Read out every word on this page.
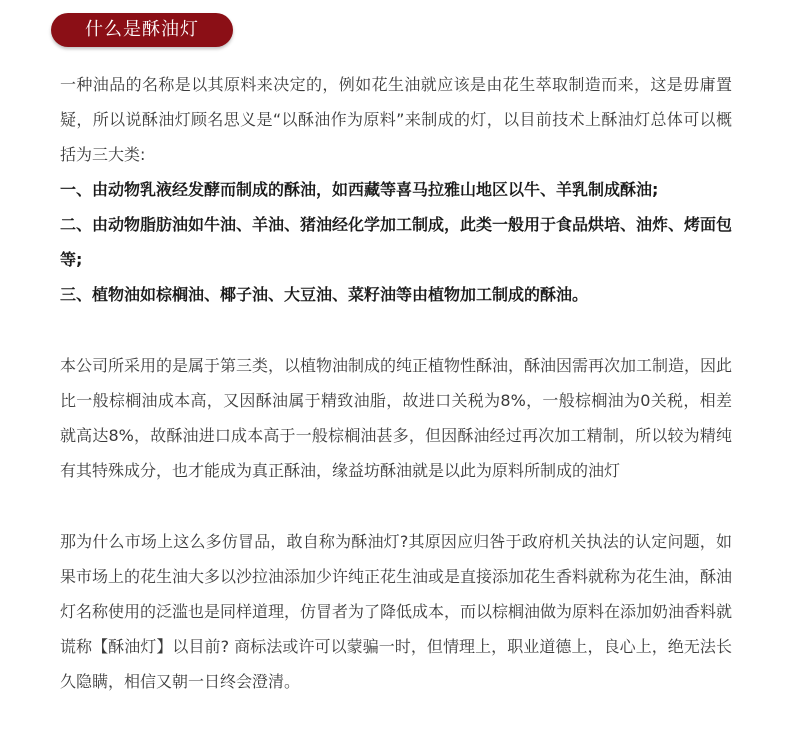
什么是酥油灯

一种油品的名称是以其原料来决定的，例如花生油就应该是由花生萃取制造而来，这是毋庸置疑，所以说酥油灯顾名思义是“以酥油作为原料”来制成的灯，以目前技术上酥油灯总体可以概括为三大类:

一、由动物乳液经发酵而制成的酥油，如西藏等喜马拉雅山地区以牛、羊乳制成酥油;

二、由动物脂肪油如牛油、羊油、猪油经化学加工制成，此类一般用于食品烘培、油炸、烤面包等;

三、植物油如棕榈油、椰子油、大豆油、菜籽油等由植物加工制成的酥油。

本公司所采用的是属于第三类，以植物油制成的纯正植物性酥油，酥油因需再次加工制造，因此比一般棕榈油成本高，又因酥油属于精致油脂，故进口关税为8%，一般棕榈油为0关税，相差就高达8%，故酥油进口成本高于一般棕榈油甚多，但因酥油经过再次加工精制，所以较为精纯有其特殊成分，也才能成为真正酥油，缘益坊酥油就是以此为原料所制成的油灯

那为什么市场上这么多仿冒品，敢自称为酥油灯?其原因应归咎于政府机关执法的认定问题，如果市场上的花生油大多以沙拉油添加少许纯正花生油或是直接添加花生香料就称为花生油，酥油灯名称使用的泛滥也是同样道理，仿冒者为了降低成本，而以棕榈油做为原料在添加奶油香料就谎称【酥油灯】以目前? 商标法或许可以蒙骗一时，但情理上，职业道德上，良心上，绝无法长久隐瞒，相信又朝一日终会澄清。
